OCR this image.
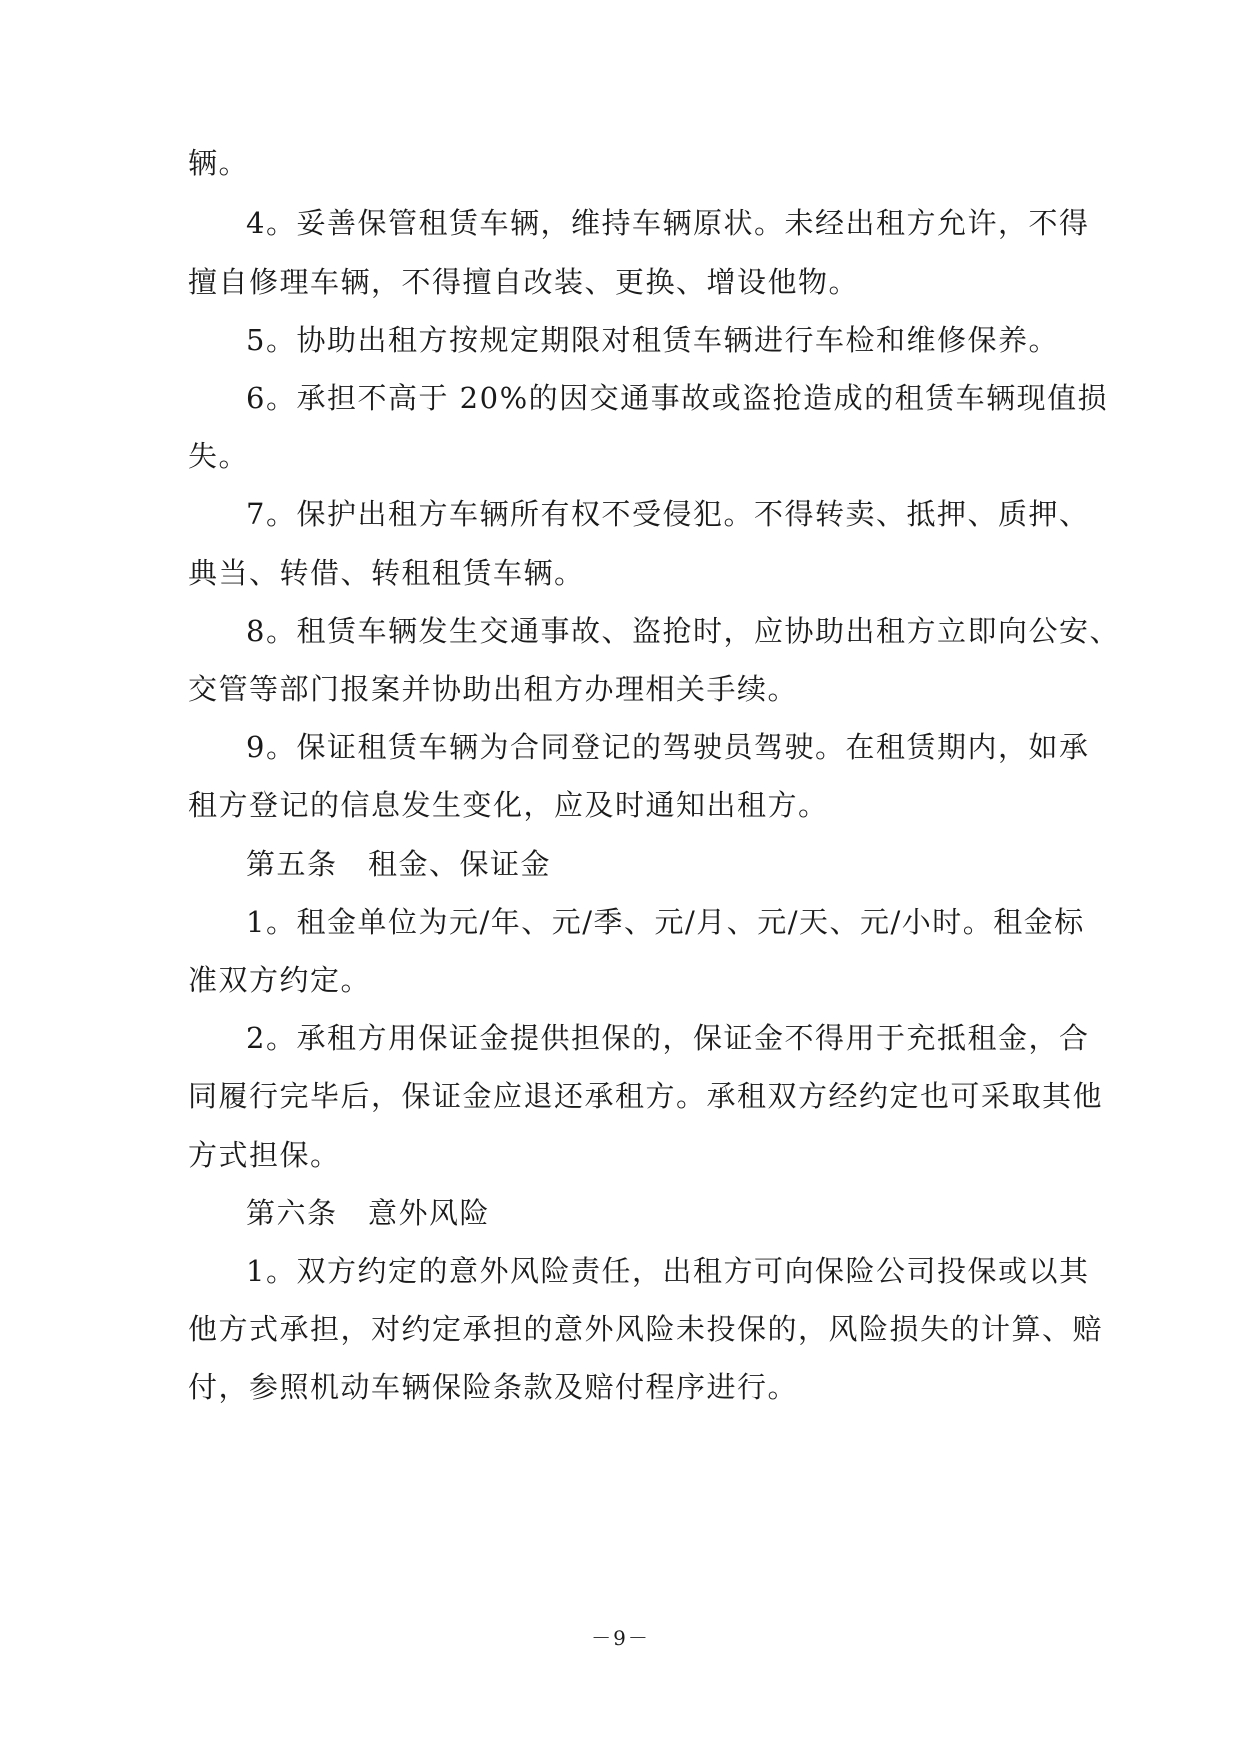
辆。
4。妥善保管租赁车辆，维持车辆原状。未经出租方允许，不得
擅自修理车辆，不得擅自改装、更换、增设他物。
5。协助出租方按规定期限对租赁车辆进行车检和维修保养。
6。承担不高于 20%的因交通事故或盗抢造成的租赁车辆现值损
失。
7。保护出租方车辆所有权不受侵犯。不得转卖、抵押、质押、
典当、转借、转租租赁车辆。
8。租赁车辆发生交通事故、盗抢时，应协助出租方立即向公安、
交管等部门报案并协助出租方办理相关手续。
9。保证租赁车辆为合同登记的驾驶员驾驶。在租赁期内，如承
租方登记的信息发生变化，应及时通知出租方。
第五条　租金、保证金
1。租金单位为元/年、元/季、元/月、元/天、元/小时。租金标
准双方约定。
2。承租方用保证金提供担保的，保证金不得用于充抵租金，合
同履行完毕后，保证金应退还承租方。承租双方经约定也可采取其他
方式担保。
第六条　意外风险
1。双方约定的意外风险责任，出租方可向保险公司投保或以其
他方式承担，对约定承担的意外风险未投保的，风险损失的计算、赔
付，参照机动车辆保险条款及赔付程序进行。
－9－
